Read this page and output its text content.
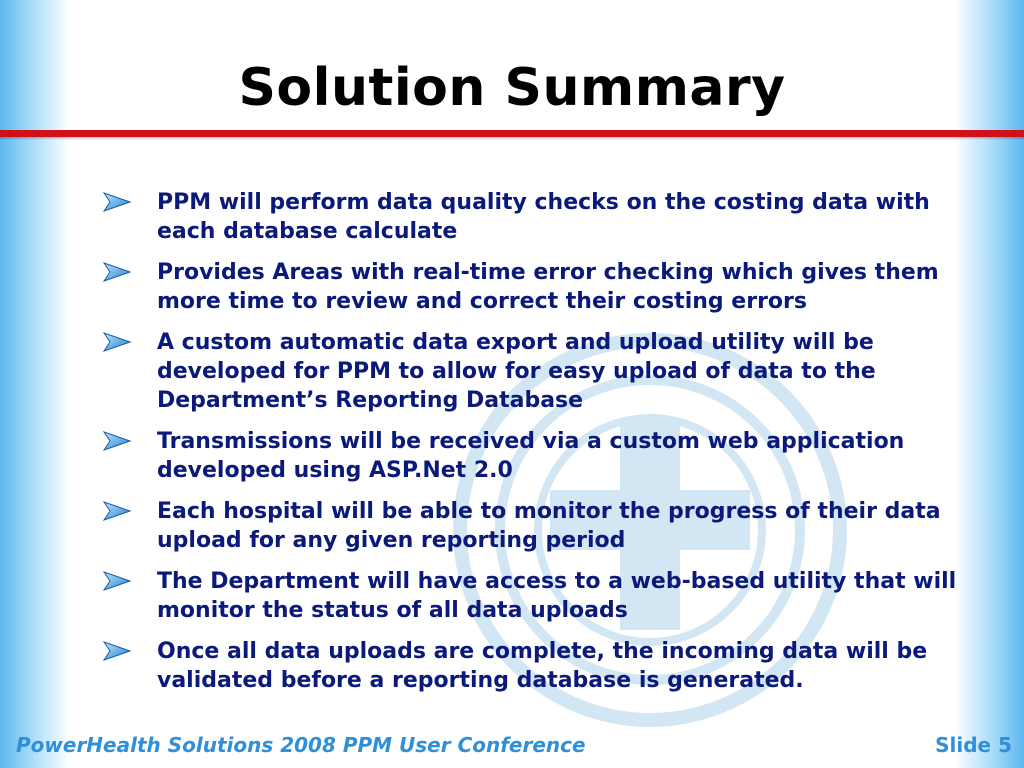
Solution Summary
PPM will perform data quality checks on the costing data with each database calculate
Provides Areas with real-time error checking which gives them more time to review and correct their costing errors
A custom automatic data export and upload utility will be developed for PPM to allow for easy upload of data to the Department’s Reporting Database
Transmissions will be received via a custom web application developed using ASP.Net 2.0
Each hospital will be able to monitor the progress of their data upload for any given reporting period
The Department will have access to a web-based utility that will monitor the status of all data uploads
Once all data uploads are complete, the incoming data will be validated before a reporting database is generated.
PowerHealth Solutions 2008 PPM User Conference	Slide 5
